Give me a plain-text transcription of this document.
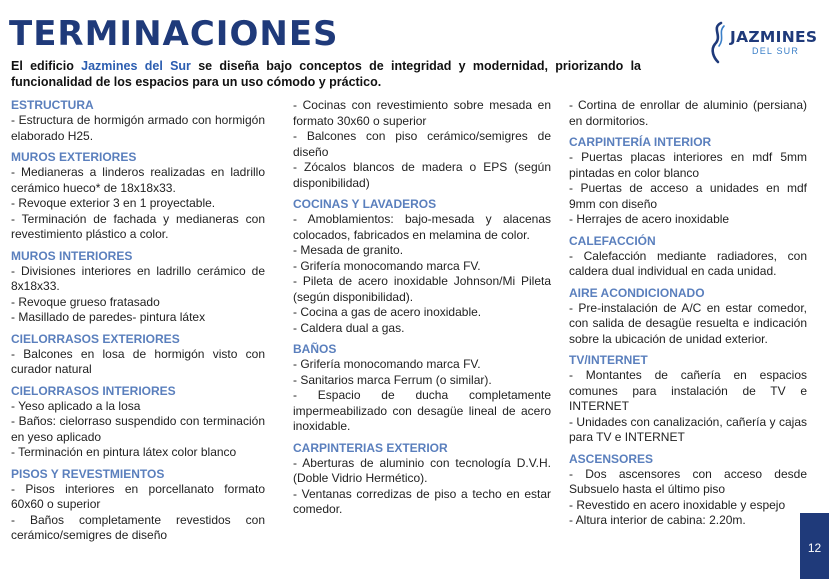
TERMINACIONES

El edificio Jazmines del Sur se diseña bajo conceptos de integridad y modernidad, priorizando la funcionalidad de los espacios para un uso cómodo y práctico.

JAZMINES
DEL SUR
ESTRUCTURA

- Estructura de hormigón armado con hormigón elaborado H25.

MUROS EXTERIORES

- Medianeras a linderos realizadas en ladrillo cerámico hueco* de 18x18x33.

- Revoque exterior 3 en 1 proyectable.

- Terminación de fachada y medianeras con revestimiento plástico a color.

MUROS INTERIORES

- Divisiones interiores en ladrillo cerámico de 8x18x33.

- Revoque grueso fratasado

- Masillado de paredes- pintura látex

CIELORRASOS EXTERIORES

- Balcones en losa de hormigón visto con curador natural

CIELORRASOS INTERIORES

- Yeso aplicado a la losa

- Baños: cielorraso suspendido con terminación en yeso aplicado

- Terminación en pintura látex color blanco

PISOS Y REVESTMIENTOS

- Pisos interiores en porcellanato formato 60x60 o superior

- Baños completamente revestidos con cerámico/semigres de diseño

- Cocinas con revestimiento sobre mesada en formato 30x60 o superior

- Balcones con piso cerámico/semigres de diseño

- Zócalos blancos de madera o EPS (según disponibilidad)

COCINAS Y LAVADEROS

- Amoblamientos: bajo-mesada y alacenas colocados, fabricados en melamina de color.

- Mesada de granito.

- Grifería monocomando marca FV.

- Pileta de acero inoxidable Johnson/Mi Pileta (según disponibilidad).

- Cocina a gas de acero inoxidable.

- Caldera dual a gas.

BAÑOS

- Grifería monocomando marca FV.

- Sanitarios marca Ferrum (o similar).

- Espacio de ducha completamente impermeabilizado con desagüe lineal de acero inoxidable.

CARPINTERIAS EXTERIOR

- Aberturas de aluminio con tecnología D.V.H. (Doble Vidrio Hermético).

- Ventanas corredizas de piso a techo en estar comedor.

- Cortina de enrollar de aluminio (persiana) en dormitorios.

CARPINTERÍA INTERIOR

- Puertas placas interiores en mdf 5mm pintadas en color blanco

- Puertas de acceso a unidades en mdf 9mm con diseño

- Herrajes de acero inoxidable

CALEFACCIÓN

- Calefacción mediante radiadores, con caldera dual individual en cada unidad.

AIRE ACONDICIONADO

- Pre-instalación de A/C en estar comedor, con salida de desagüe resuelta e indicación sobre la ubicación de unidad exterior.

TV/INTERNET

- Montantes de cañería en espacios comunes para instalación de TV e INTERNET

- Unidades con canalización, cañería y cajas para TV e INTERNET

ASCENSORES

- Dos ascensores con acceso desde Subsuelo hasta el último piso

- Revestido en acero inoxidable y espejo

- Altura interior de cabina: 2.20m.

12
